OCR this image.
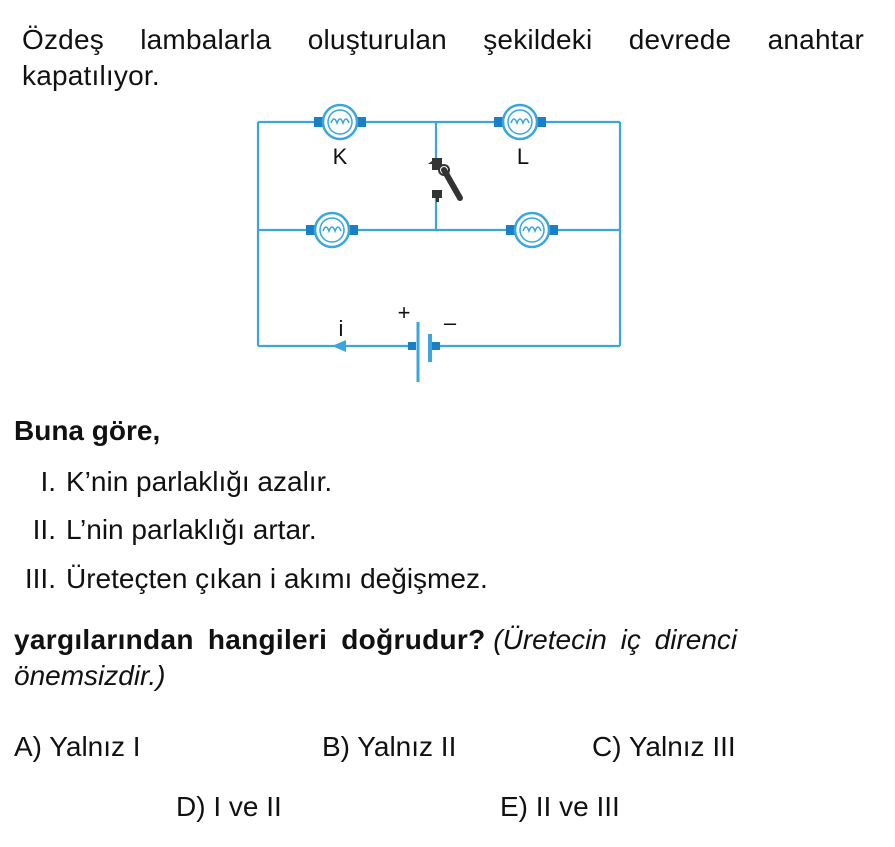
Özdeş lambalarla oluşturulan şekildeki devrede anahtar kapatılıyor.
K	L
i
+ –
Buna göre,
I. K’nin parlaklığı azalır.
II. L’nin parlaklığı artar.
III. Üreteçten çıkan i akımı değişmez.
yargılarından hangileri doğrudur? (Üretecin iç direnci önemsizdir.)
A) Yalnız I	B) Yalnız II	C) Yalnız III
D) I ve II	E) II ve III
